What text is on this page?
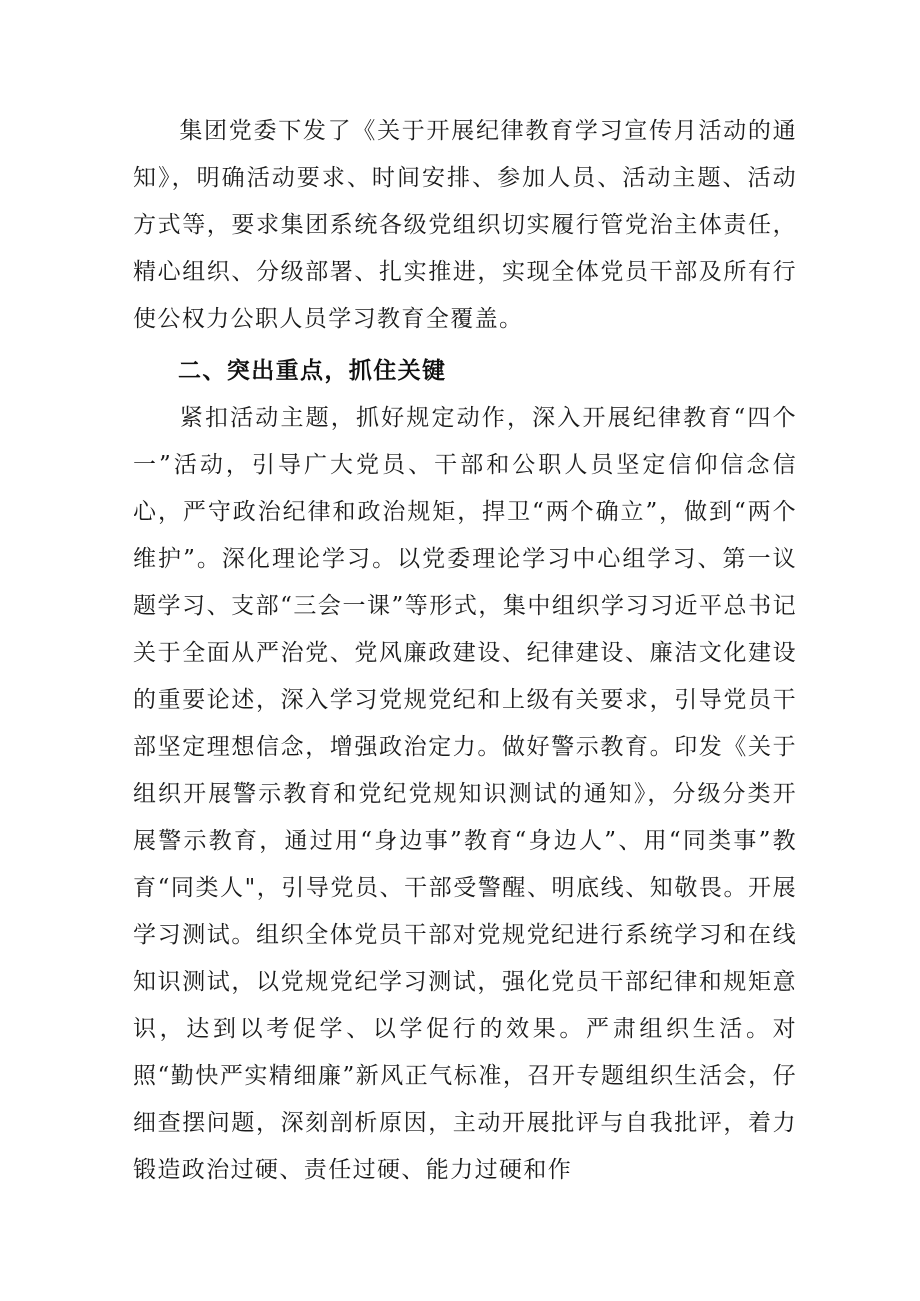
集团党委下发了《关于开展纪律教育学习宣传月活动的通知》，明确活动要求、时间安排、参加人员、活动主题、活动方式等，要求集团系统各级党组织切实履行管党治主体责任，精心组织、分级部署、扎实推进，实现全体党员干部及所有行使公权力公职人员学习教育全覆盖。
二、突出重点，抓住关键
紧扣活动主题，抓好规定动作，深入开展纪律教育“四个一”活动，引导广大党员、干部和公职人员坚定信仰信念信心，严守政治纪律和政治规矩，捍卫“两个确立”，做到“两个维护”。深化理论学习。以党委理论学习中心组学习、第一议题学习、支部“三会一课”等形式，集中组织学习习近平总书记关于全面从严治党、党风廉政建设、纪律建设、廉洁文化建设的重要论述，深入学习党规党纪和上级有关要求，引导党员干部坚定理想信念，增强政治定力。做好警示教育。印发《关于组织开展警示教育和党纪党规知识测试的通知》，分级分类开展警示教育，通过用“身边事”教育“身边人”、用“同类事”教育“同类人"，引导党员、干部受警醒、明底线、知敬畏。开展学习测试。组织全体党员干部对党规党纪进行系统学习和在线知识测试，以党规党纪学习测试，强化党员干部纪律和规矩意识，达到以考促学、以学促行的效果。严肃组织生活。对照“勤快严实精细廉”新风正气标准，召开专题组织生活会，仔细查摆问题，深刻剖析原因，主动开展批评与自我批评，着力锻造政治过硬、责任过硬、能力过硬和作
